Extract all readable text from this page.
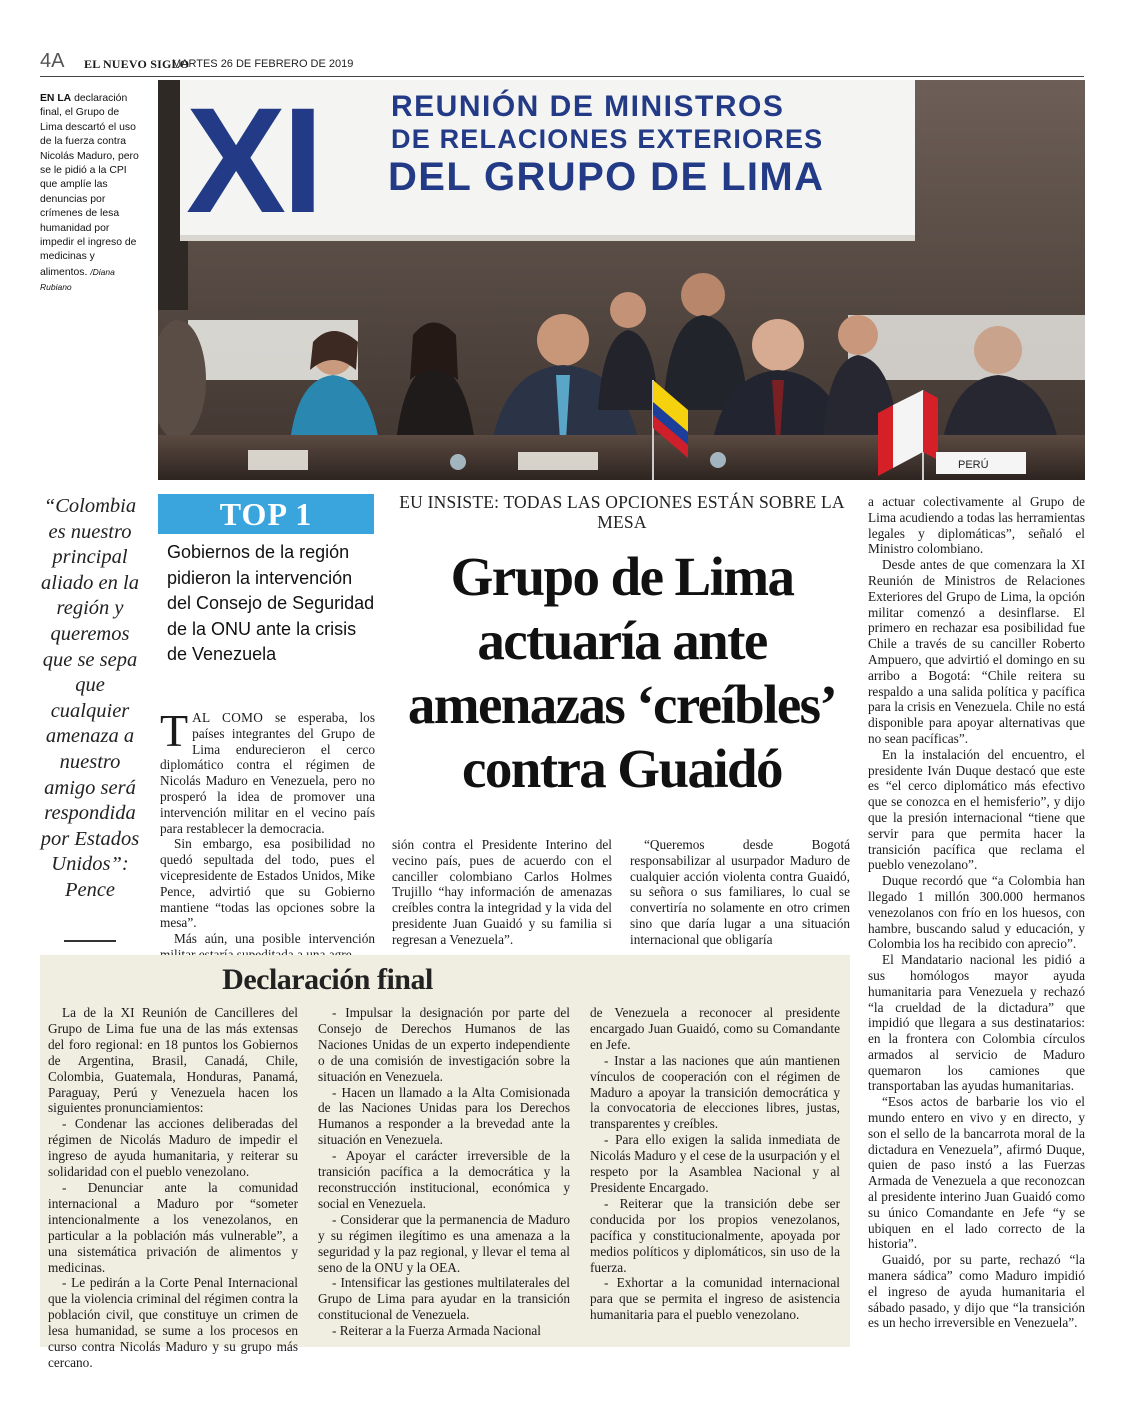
4A EL NUEVO SIGLO
MARTES 26 DE FEBRERO DE 2019
EN LA declaración final, el Grupo de Lima descartó el uso de la fuerza contra Nicolás Maduro, pero se le pidió a la CPI que amplíe las denuncias por crímenes de lesa humanidad por impedir el ingreso de medicinas y alimentos. /Diana Rubiano
XI REUNIÓN DE MINISTROS
DE RELACIONES EXTERIORES
DEL GRUPO DE LIMA
PERÚ
“Colombia es nuestro principal aliado en la región y queremos que se sepa que cualquier amenaza a nuestro amigo será respondida por Estados Unidos”: Pence
TOP 1
Gobiernos de la región pidieron la intervención del Consejo de Seguridad de la ONU ante la crisis de Venezuela
EU INSISTE: TODAS LAS OPCIONES ESTÁN SOBRE LA MESA
Grupo de Lima actuaría ante amenazas ‘creíbles’ contra Guaidó

TAL COMO se esperaba, los países integrantes del Grupo de Lima endurecieron el cerco diplomático contra el régimen de Nicolás Maduro en Venezuela, pero no prosperó la idea de promover una intervención militar en el vecino país para restablecer la democracia.

Sin embargo, esa posibilidad no quedó sepultada del todo, pues el vicepresidente de Estados Unidos, Mike Pence, advirtió que su Gobierno mantiene “todas las opciones sobre la mesa”.

Más aún, una posible intervención

sión contra el Presidente Interino del vecino país, pues de acuerdo con el canciller colombiano Carlos Holmes Trujillo “hay información de amenazas creíbles contra la integridad y la vida del presidente Juan Guaidó y su familia si regresan a Venezuela”.

“Queremos desde Bogotá responsabilizar al usurpador Maduro de cualquier acción violenta contra Guaidó, su señora o sus familiares, lo cual se convertiría no solamente en otro crimen sino que daría lugar a una situación internacional que obligaría

a actuar colectivamente al Grupo de Lima acudiendo a todas las herramientas legales y diplomáticas”, señaló el Ministro colombiano.

Desde antes de que comenzara la XI Reunión de Ministros de Relaciones Exteriores del Grupo de Lima, la opción militar comenzó a desinflarse. El primero en rechazar esa posibilidad fue Chile a través de su canciller Roberto Ampuero, que advirtió el domingo en su arribo a Bogotá: “Chile reitera su respaldo a una salida política y pacífica para la crisis en Venezuela. Chile no está disponible para apoyar alternativas que no sean pacíficas”.

En la instalación del encuentro, el presidente Iván Duque destacó que este es “el cerco diplomático más efectivo que se conozca en el hemisferio”, y dijo que la presión internacional “tiene que servir para que permita hacer la transición pacífica que reclama el pueblo venezolano”.

Duque recordó que “a Colombia han llegado 1 millón 300.000 hermanos venezolanos con frío en los huesos, con hambre, buscando salud y educación, y Colombia los ha recibido con aprecio”.

El Mandatario nacional les pidió a sus homólogos mayor ayuda humanitaria para Venezuela y rechazó “la crueldad de la dictadura” que impidió que llegara a sus destinatarios: en la frontera con Colombia círculos armados al servicio de Maduro quemaron los camiones que transportaban las ayudas humanitarias.

“Esos actos de barbarie los vio el mundo entero en vivo y en directo, y son el sello de la bancarrota moral de la dictadura en Venezuela”, afirmó Duque, quien de paso instó a las Fuerzas Armada de Venezuela a que reconozcan al presidente interino Juan Guaidó como su único Comandante en Jefe “y se ubiquen en el lado correcto de la historia”.

Guaidó, por su parte, rechazó “la manera sádica” como Maduro impidió el ingreso de ayuda humanitaria el sábado pasado, y dijo que “la transición es un hecho irreversible en Venezuela”.

Declaración final

La de la XI Reunión de Cancilleres del Grupo de Lima fue una de las más extensas del foro regional: en 18 puntos los Gobiernos de Argentina, Brasil, Canadá, Chile, Colombia, Guatemala, Honduras, Panamá, Paraguay, Perú y Venezuela hacen los siguientes pronunciamientos:

- Condenar las acciones deliberadas del régimen de Nicolás Maduro de impedir el ingreso de ayuda humanitaria, y reiterar su solidaridad con el pueblo venezolano.

- Denunciar ante la comunidad internacional a Maduro por “someter intencionalmente a los venezolanos, en particular a la población más vulnerable”, a una sistemática privación de alimentos y medicinas.

- Le pedirán a la Corte Penal Internacional que la violencia criminal del régimen contra la población civil, que constituye un crimen de lesa humanidad, se sume a los procesos en curso contra Nicolás Maduro y su grupo más cercano.

- Impulsar la designación por parte del Consejo de Derechos Humanos de las Naciones Unidas de un experto independiente o de una comisión de investigación sobre la situación en Venezuela.

- Hacen un llamado a la Alta Comisionada de las Naciones Unidas para los Derechos Humanos a responder a la brevedad ante la situación en Venezuela.

- Apoyar el carácter irreversible de la transición pacífica a la democrática y la reconstrucción institucional, económica y social en Venezuela.

- Considerar que la permanencia de Maduro y su régimen ilegítimo es una amenaza a la seguridad y la paz regional, y llevar el tema al seno de la ONU y la OEA.

- Intensificar las gestiones multilaterales del Grupo de Lima para ayudar en la transición constitucional de Venezuela.

- Reiterar a la Fuerza Armada Nacional

de Venezuela a reconocer al presidente encargado Juan Guaidó, como su Comandante en Jefe.

- Instar a las naciones que aún mantienen vínculos de cooperación con el régimen de Maduro a apoyar la transición democrática y la convocatoria de elecciones libres, justas, transparentes y creíbles.

- Para ello exigen la salida inmediata de Nicolás Maduro y el cese de la usurpación y el respeto por la Asamblea Nacional y al Presidente Encargado.

- Reiterar que la transición debe ser conducida por los propios venezolanos, pacífica y constitucionalmente, apoyada por medios políticos y diplomáticos, sin uso de la fuerza.

- Exhortar a la comunidad internacional para que se permita el ingreso de asistencia humanitaria para el pueblo venezolano.
